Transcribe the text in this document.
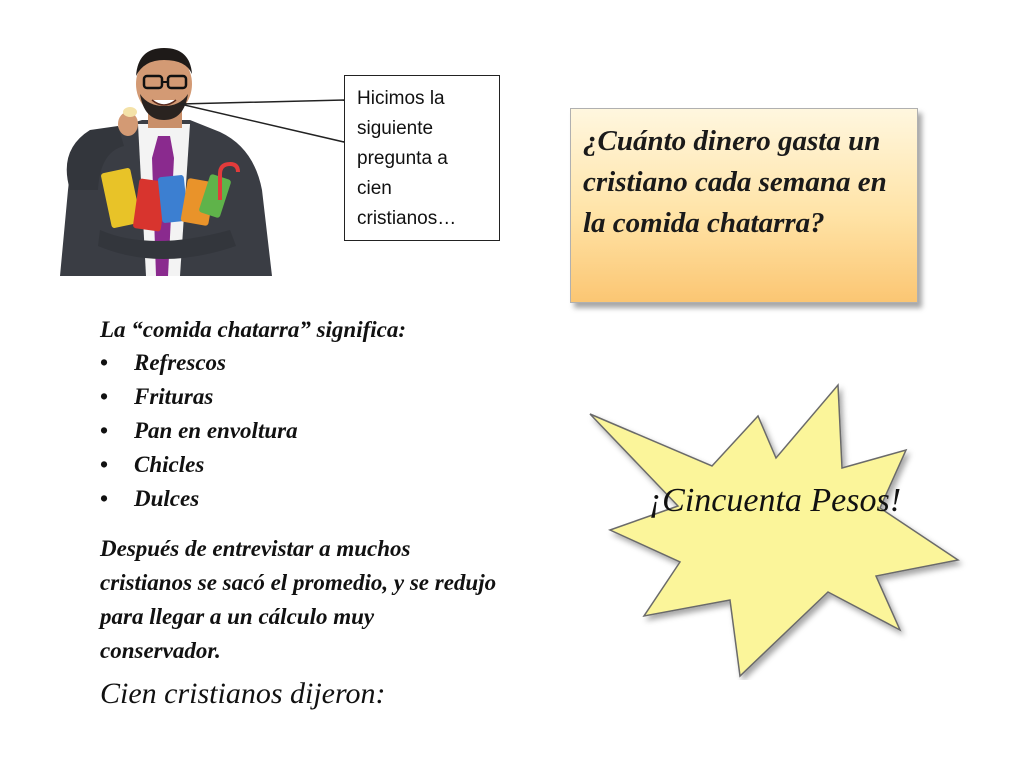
Hicimos la siguiente pregunta a cien cristianos…
¿Cuánto dinero gasta un cristiano cada semana en la comida chatarra?

La “comida chatarra” significa:

• Refrescos
• Frituras
• Pan en envoltura
• Chicles
• Dulces

Después de entrevistar a muchos cristianos se sacó el promedio, y se redujo para llegar a un cálculo muy conservador.

Cien cristianos dijeron:

¡Cincuenta Pesos!
